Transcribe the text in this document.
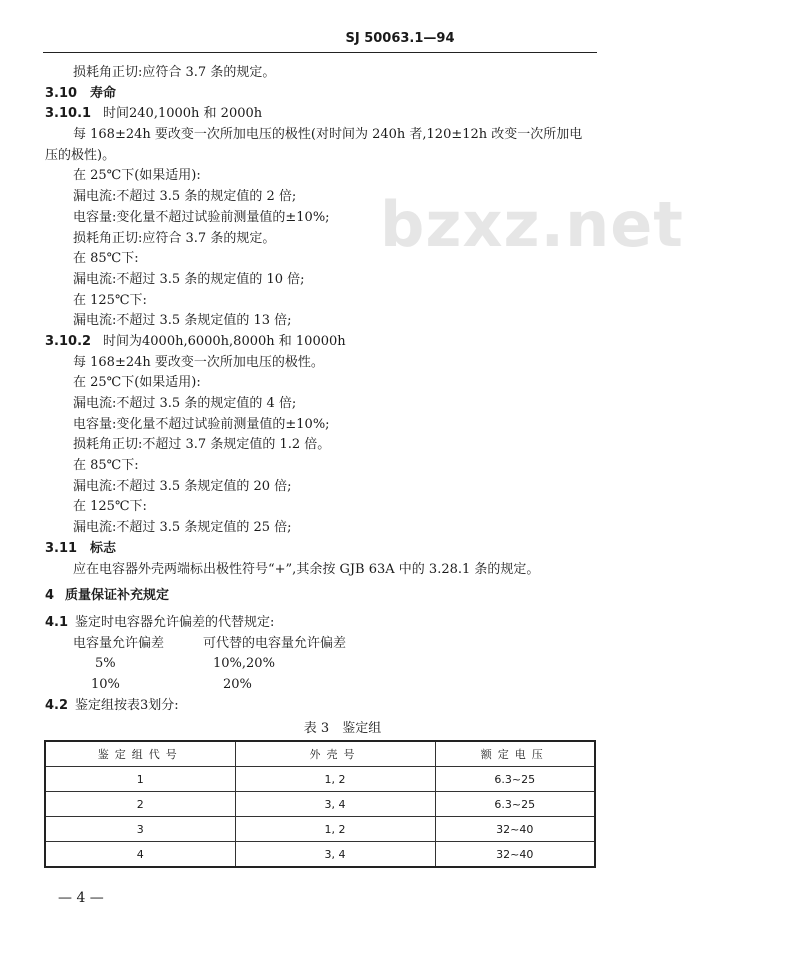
SJ 50063.1—94
bzxz.net
损耗角正切:应符合 3.7 条的规定。
3.10 寿命
3.10.1 时间240,1000h 和 2000h
每 168±24h 要改变一次所加电压的极性(对时间为 240h 者,120±12h 改变一次所加电
压的极性)。
在 25℃下(如果适用):
漏电流:不超过 3.5 条的规定值的 2 倍;
电容量:变化量不超过试验前测量值的±10%;
损耗角正切:应符合 3.7 条的规定。
在 85℃下:
漏电流:不超过 3.5 条的规定值的 10 倍;
在 125℃下:
漏电流:不超过 3.5 条规定值的 13 倍;
3.10.2 时间为4000h,6000h,8000h 和 10000h
每 168±24h 要改变一次所加电压的极性。
在 25℃下(如果适用):
漏电流:不超过 3.5 条的规定值的 4 倍;
电容量:变化量不超过试验前测量值的±10%;
损耗角正切:不超过 3.7 条规定值的 1.2 倍。
在 85℃下:
漏电流:不超过 3.5 条规定值的 20 倍;
在 125℃下:
漏电流:不超过 3.5 条规定值的 25 倍;
3.11 标志
应在电容器外壳两端标出极性符号“+”,其余按 GJB 63A 中的 3.28.1 条的规定。
4 质量保证补充规定
4.1 鉴定时电容器允许偏差的代替规定:
电容量允许偏差	可代替的电容量允许偏差
5%	10%,20%
10%	20%
4.2 鉴定组按表3划分:
表 3　鉴定组
鉴定组代号	外壳号	额定电压
1	1, 2	6.3~25
2	3, 4	6.3~25
3	1, 2	32~40
4	3, 4	32~40
— 4 —
